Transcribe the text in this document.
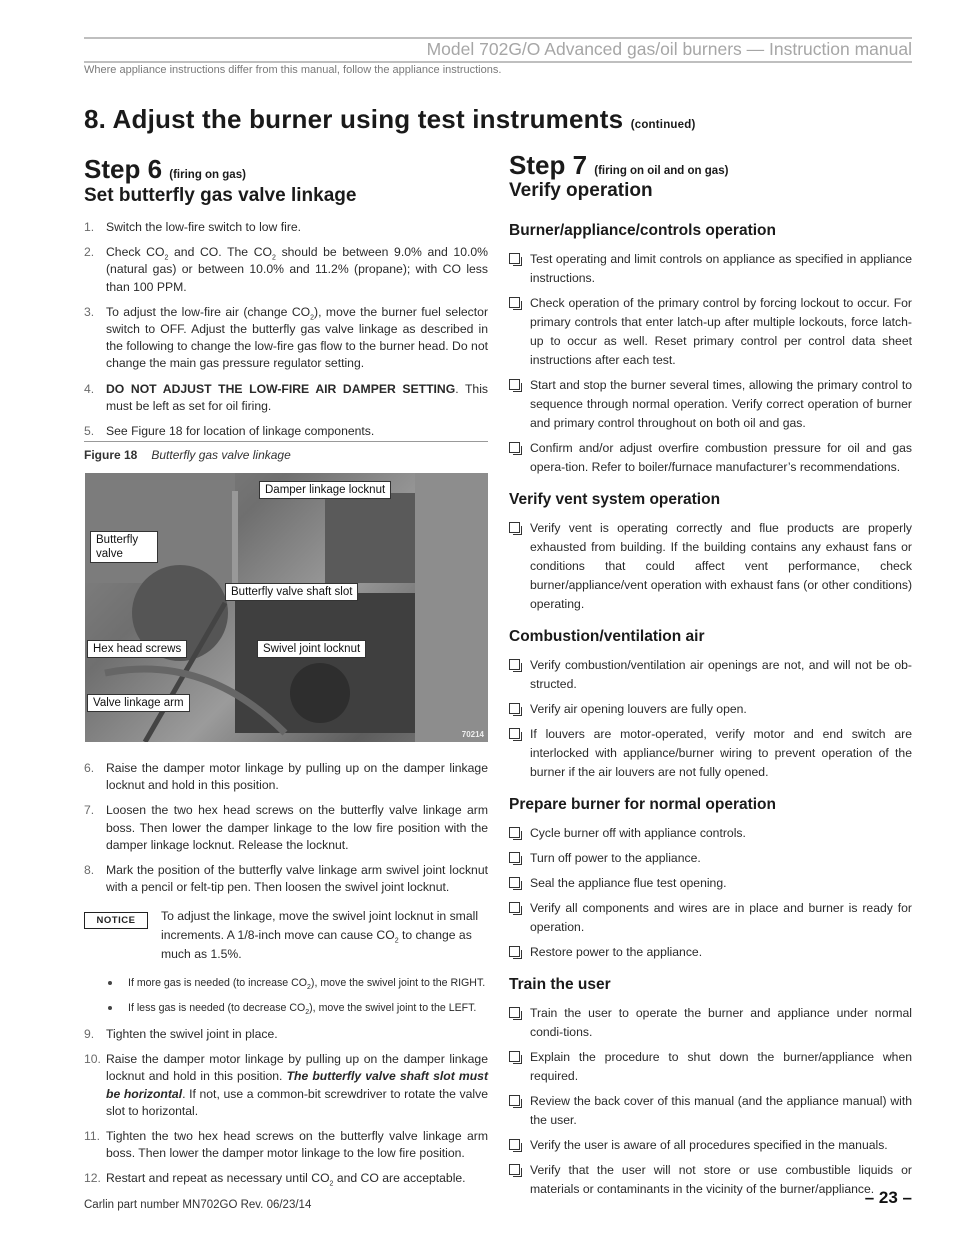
Model 702G/O Advanced gas/oil burners — Instruction manual
Where appliance instructions differ from this manual, follow the appliance instructions.
8. Adjust the burner using test instruments (continued)
Step 6 (firing on gas)
Set butterfly gas valve linkage
1. Switch the low-fire switch to low fire.
2. Check $CO_2$ and CO. The $CO_2$ should be between 9.0% and 10.0% (natural gas) or between 10.0% and 11.2% (propane); with CO less than 100 PPM.
3. To adjust the low-fire air (change $CO_2$), move the burner fuel selector switch to OFF. Adjust the butterfly gas valve linkage as described in the following to change the low-fire gas flow to the burner head. Do not change the main gas pressure regulator setting.
4. DO NOT ADJUST THE LOW-FIRE AIR DAMPER SETTING. This must be left as set for oil firing.
5. See Figure 18 for location of linkage components.
Figure 18 Butterfly gas valve linkage
Damper linkage locknut
Butterfly valve
Butterfly valve shaft slot
Hex head screws	Swivel joint locknut
Valve linkage arm
70214
6. Raise the damper motor linkage by pulling up on the damper linkage locknut and hold in this position.
7. Loosen the two hex head screws on the butterfly valve linkage arm boss. Then lower the damper linkage to the low fire position with the damper linkage locknut. Release the locknut.
8. Mark the position of the butterfly valve linkage arm swivel joint locknut with a pencil or felt-tip pen. Then loosen the swivel joint locknut.
NOTICE	To adjust the linkage, move the swivel joint locknut in small increments. A 1/8-inch move can cause $CO_2$ to change as much as 1.5%.
If more gas is needed (to increase $CO_2$), move the swivel joint to the RIGHT.
If less gas is needed (to decrease $CO_2$), move the swivel joint to the LEFT.
9. Tighten the swivel joint in place.
10. Raise the damper motor linkage by pulling up on the damper linkage locknut and hold in this position. The butterfly valve shaft slot must be horizontal. If not, use a common-bit screwdriver to rotate the valve slot to horizontal.
11. Tighten the two hex head screws on the butterfly valve linkage arm boss. Then lower the damper motor linkage to the low fire position.
12. Restart and repeat as necessary until $CO_2$ and CO are acceptable.
Step 7 (firing on oil and on gas)
Verify operation
Burner/appliance/controls operation
Test operating and limit controls on appliance as specified in appliance instructions.
Check operation of the primary control by forcing lockout to occur. For primary controls that enter latch-up after multiple lockouts, force latch-up to occur as well. Reset primary control per control data sheet instructions after each test.
Start and stop the burner several times, allowing the primary control to sequence through normal operation. Verify correct operation of burner and primary control throughout on both oil and gas.
Confirm and/or adjust overfire combustion pressure for oil and gas opera-tion. Refer to boiler/furnace manufacturer’s recommendations.
Verify vent system operation
Verify vent is operating correctly and flue products are properly exhausted from building. If the building contains any exhaust fans or conditions that could affect vent performance, check burner/appliance/vent operation with exhaust fans (or other conditions) operating.
Combustion/ventilation air
Verify combustion/ventilation air openings are not, and will not be ob-structed.
Verify air opening louvers are fully open.
If louvers are motor-operated, verify motor and end switch are interlocked with appliance/burner wiring to prevent operation of the burner if the air louvers are not fully opened.
Prepare burner for normal operation
Cycle burner off with appliance controls.
Turn off power to the appliance.
Seal the appliance flue test opening.
Verify all components and wires are in place and burner is ready for operation.
Restore power to the appliance.
Train the user
Train the user to operate the burner and appliance under normal condi-tions.
Explain the procedure to shut down the burner/appliance when required.
Review the back cover of this manual (and the appliance manual) with the user.
Verify the user is aware of all procedures specified in the manuals.
Verify that the user will not store or use combustible liquids or materials or contaminants in the vicinity of the burner/appliance.
Carlin part number MN702GO Rev. 06/23/14	– 23 –
